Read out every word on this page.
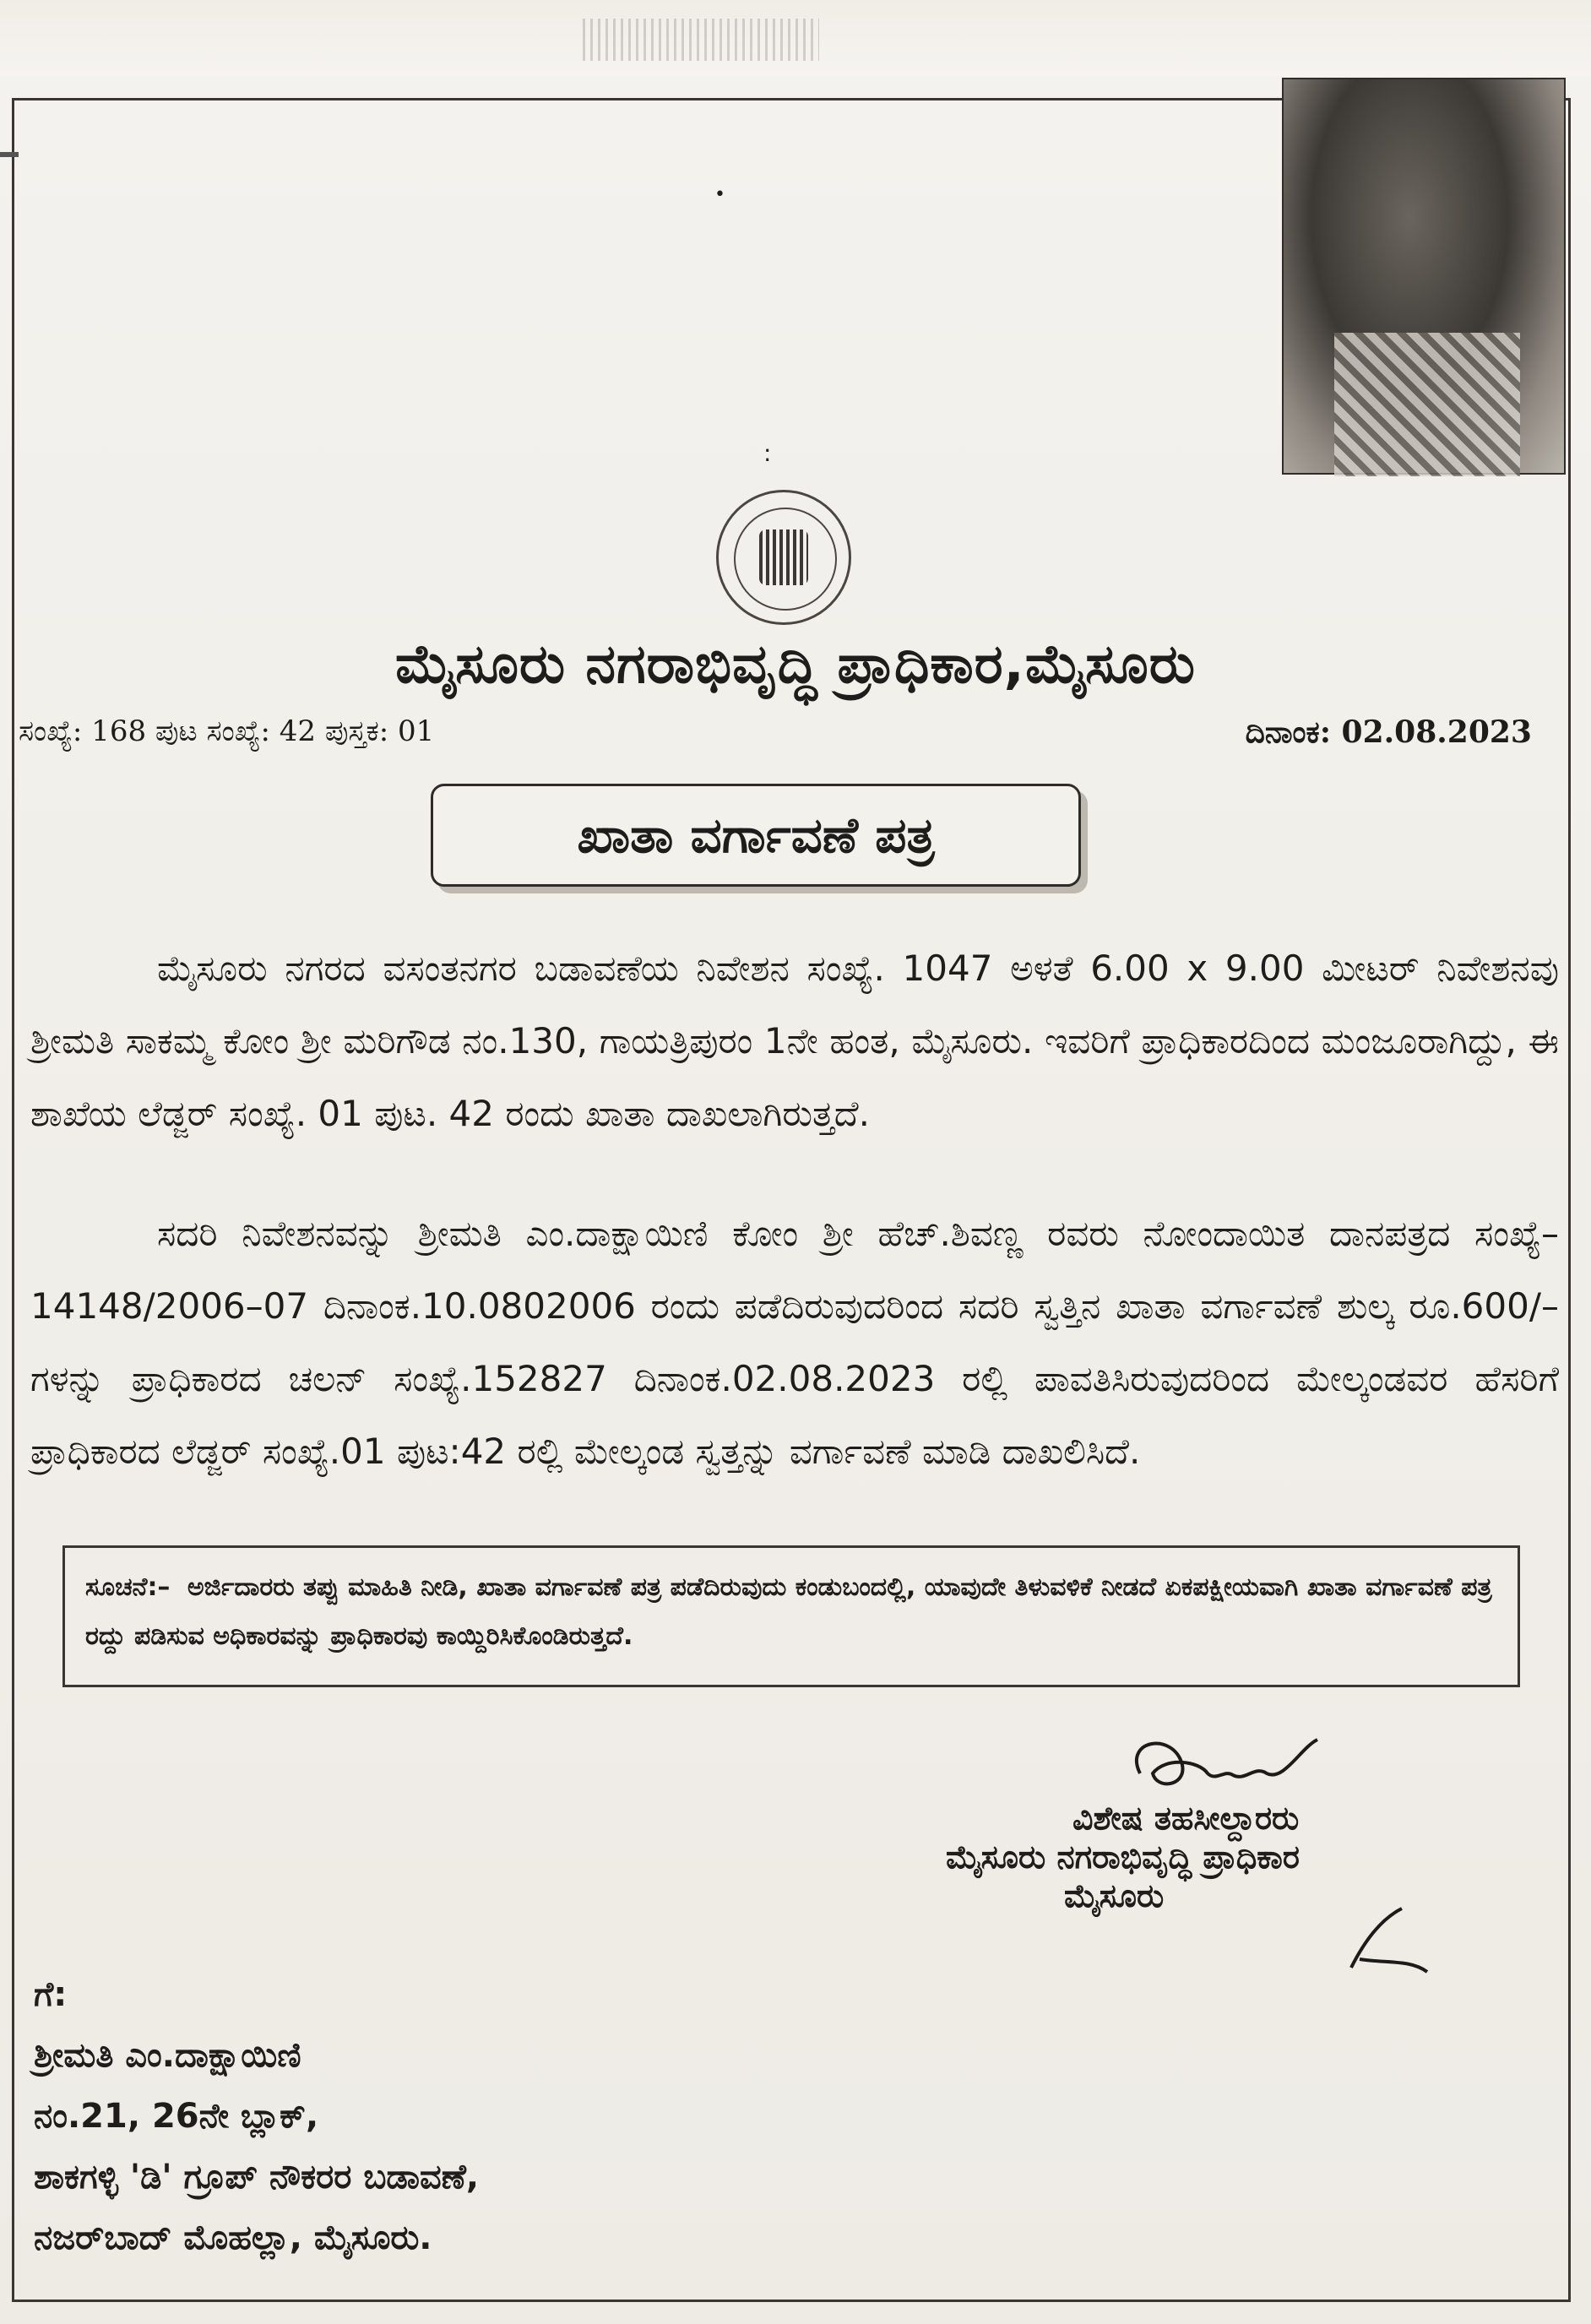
•
:
ಮೈಸೂರು ನಗರಾಭಿವೃದ್ಧಿ ಪ್ರಾಧಿಕಾರ,ಮೈಸೂರು
ಸಂಖ್ಯೆ: 168 ಪುಟ ಸಂಖ್ಯೆ: 42 ಪುಸ್ತಕ: 01	ದಿನಾಂಕ: 02.08.2023
ಖಾತಾ ವರ್ಗಾವಣೆ ಪತ್ರ
ಮೈಸೂರು ನಗರದ ವಸಂತನಗರ ಬಡಾವಣೆಯ ನಿವೇಶನ ಸಂಖ್ಯೆ. 1047 ಅಳತೆ 6.00 x 9.00 ಮೀಟರ್ ನಿವೇಶನವು ಶ್ರೀಮತಿ ಸಾಕಮ್ಮ ಕೋಂ ಶ್ರೀ ಮರಿಗೌಡ ನಂ.130, ಗಾಯತ್ರಿಪುರಂ 1ನೇ ಹಂತ, ಮೈಸೂರು. ಇವರಿಗೆ ಪ್ರಾಧಿಕಾರದಿಂದ ಮಂಜೂರಾಗಿದ್ದು, ಈ ಶಾಖೆಯ ಲೆಡ್ಜರ್ ಸಂಖ್ಯೆ. 01 ಪುಟ. 42 ರಂದು ಖಾತಾ ದಾಖಲಾಗಿರುತ್ತದೆ.
ಸದರಿ ನಿವೇಶನವನ್ನು ಶ್ರೀಮತಿ ಎಂ.ದಾಕ್ಷಾಯಿಣಿ ಕೋಂ ಶ್ರೀ ಹೆಚ್.ಶಿವಣ್ಣ ರವರು ನೋಂದಾಯಿತ ದಾನಪತ್ರದ ಸಂಖ್ಯೆ–14148/2006–07 ದಿನಾಂಕ.10.0802006 ರಂದು ಪಡೆದಿರುವುದರಿಂದ ಸದರಿ ಸ್ವತ್ತಿನ ಖಾತಾ ವರ್ಗಾವಣೆ ಶುಲ್ಕ ರೂ.600/–ಗಳನ್ನು ಪ್ರಾಧಿಕಾರದ ಚಲನ್ ಸಂಖ್ಯೆ.152827 ದಿನಾಂಕ.02.08.2023 ರಲ್ಲಿ ಪಾವತಿಸಿರುವುದರಿಂದ ಮೇಲ್ಕಂಡವರ ಹೆಸರಿಗೆ ಪ್ರಾಧಿಕಾರದ ಲೆಡ್ಜರ್ ಸಂಖ್ಯೆ.01 ಪುಟ:42 ರಲ್ಲಿ ಮೇಲ್ಕಂಡ ಸ್ವತ್ತನ್ನು ವರ್ಗಾವಣೆ ಮಾಡಿ ದಾಖಲಿಸಿದೆ.
ಸೂಚನೆ:– ಅರ್ಜಿದಾರರು ತಪ್ಪು ಮಾಹಿತಿ ನೀಡಿ, ಖಾತಾ ವರ್ಗಾವಣೆ ಪತ್ರ ಪಡೆದಿರುವುದು ಕಂಡುಬಂದಲ್ಲಿ, ಯಾವುದೇ ತಿಳುವಳಿಕೆ ನೀಡದೆ ಏಕಪಕ್ಷೀಯವಾಗಿ ಖಾತಾ ವರ್ಗಾವಣೆ ಪತ್ರ ರದ್ದು ಪಡಿಸುವ ಅಧಿಕಾರವನ್ನು ಪ್ರಾಧಿಕಾರವು ಕಾಯ್ದಿರಿಸಿಕೊಂಡಿರುತ್ತದೆ.
ವಿಶೇಷ ತಹಸೀಲ್ದಾರರು
ಮೈಸೂರು ನಗರಾಭಿವೃದ್ಧಿ ಪ್ರಾಧಿಕಾರ
ಮೈಸೂರು
ಗೆ:
ಶ್ರೀಮತಿ ಎಂ.ದಾಕ್ಷಾಯಿಣಿ
ನಂ.21, 26ನೇ ಬ್ಲಾಕ್,
ಶಾಕಗಳ್ಳಿ 'ಡಿ' ಗ್ರೂಪ್ ನೌಕರರ ಬಡಾವಣೆ,
ನಜರ್‌ಬಾದ್ ಮೊಹಲ್ಲಾ, ಮೈಸೂರು.
